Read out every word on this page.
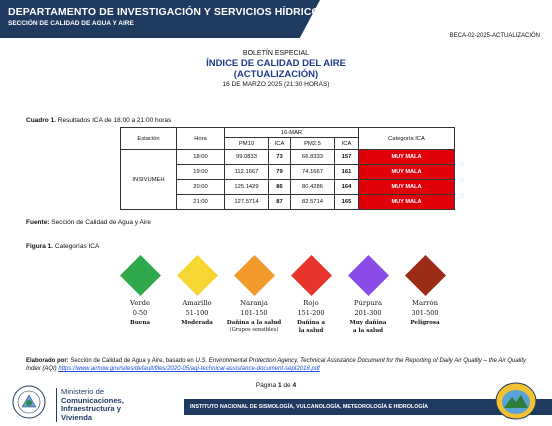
DEPARTAMENTO DE INVESTIGACIÓN Y SERVICIOS HÍDRICOS
SECCIÓN DE CALIDAD DE AGUA Y AIRE
BECA-02-2025-ACTUALIZACIÓN
BOLETÍN ESPECIAL
ÍNDICE DE CALIDAD DEL AIRE
(ACTUALIZACIÓN)
16 DE MARZO 2025 (21:30 HORAS)
Cuadro 1. Resultados ICA de 18:00 a 21:00 horas
Estación	Hora	16-MAR				Categoría ICA
		PM10	ICA	PM2.5	ICA	
INSIVUMEH	18:00	99.0833	73	66.8333	157	MUY MALA
	19:00	112.1667	79	74.1667	161	MUY MALA
	20:00	125.1429	86	80.4286	164	MUY MALA
	21:00	127.5714	87	82.5714	165	MUY MALA
Fuente: Sección de Calidad de Agua y Aire
Figura 1. Categorías ICA
Verde
0-50
Buena
Amarillo
51-100
Moderada
Naranja
101-150
Dañina a la salud
(Grupos sensibles)
Rojo
151-200
Dañina a
la salud
Púrpura
201-300
Muy dañina
a la salud
Marrón
301-500
Peligrosa
Elaborado por: Sección de Calidad de Agua y Aire, basado en U.S. Environmental Protection Agency, Technical Assistance Document for the Reporting of Daily Air Quality – the Air Quality Index (AQI) https://www.airnow.gov/sites/default/files/2020-05/aqi-technical-assistance-document-sept2018.pdf
Página 1 de 4
Ministerio de
Comunicaciones,
Infraestructura y
Vivienda
INSTITUTO NACIONAL DE SISMOLOGÍA, VULCANOLOGÍA, METEOROLOGÍA E HIDROLOGÍA
